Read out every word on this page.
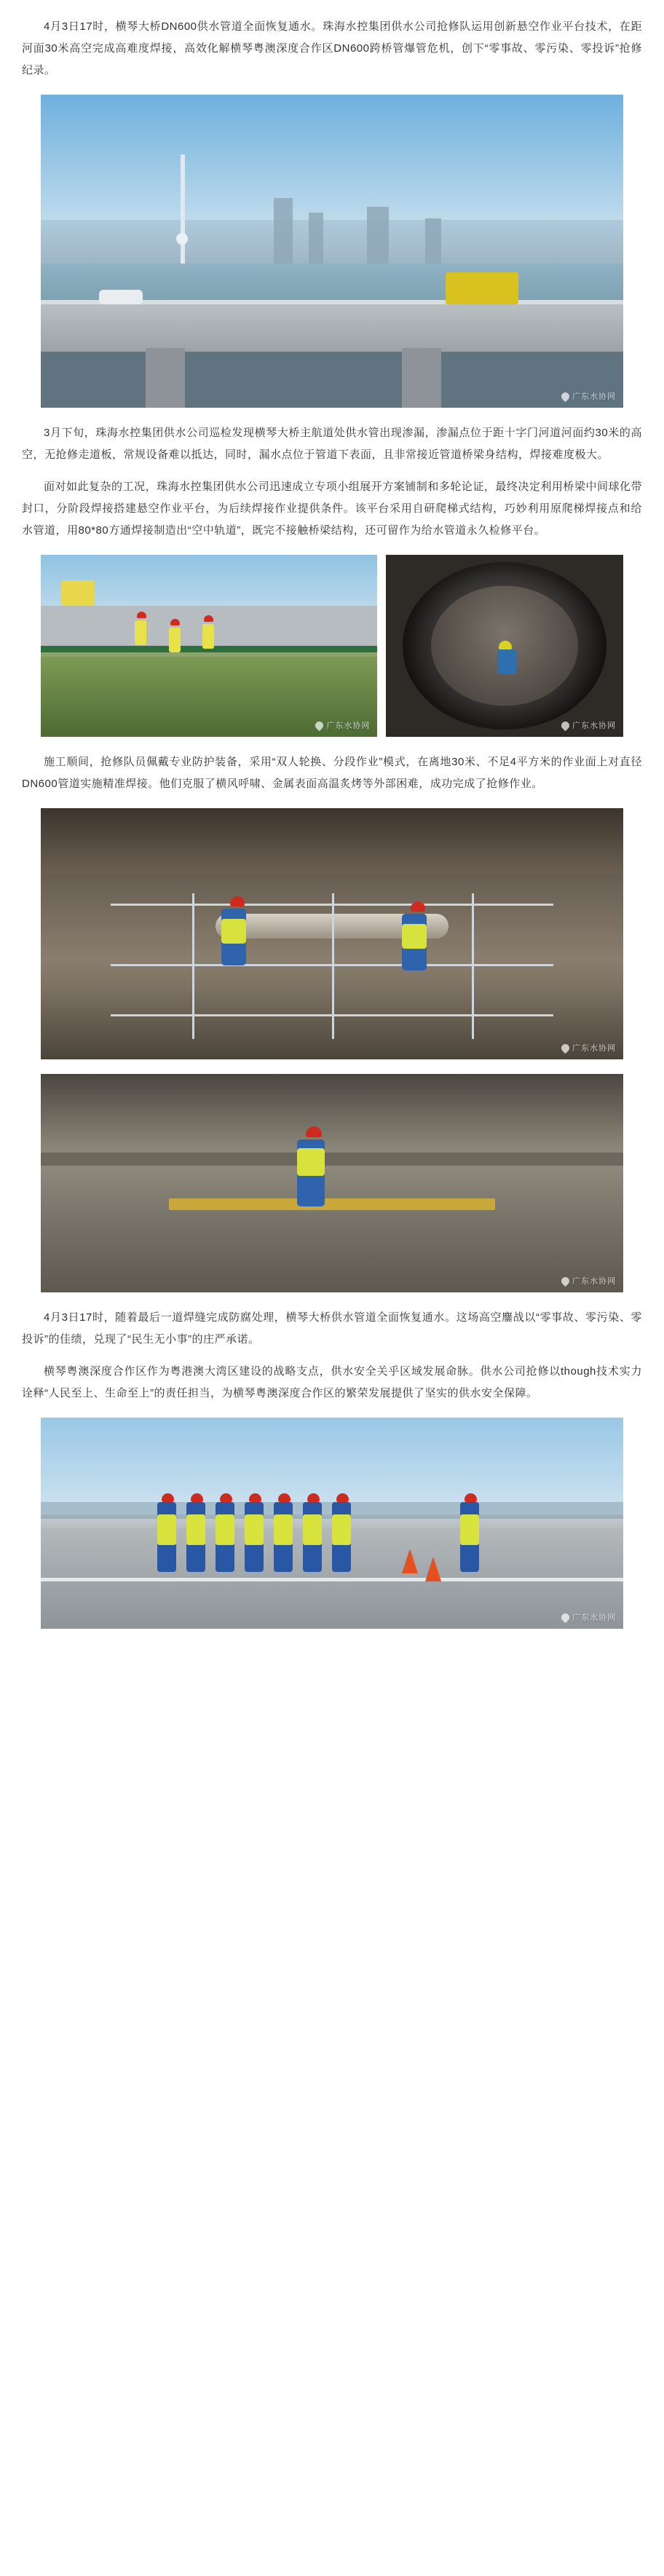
4月3日17时，横琴大桥DN600供水管道全面恢复通水。珠海水控集团供水公司抢修队运用创新悬空作业平台技术，在距河面30米高空完成高难度焊接，高效化解横琴粤澳深度合作区DN600跨桥管爆管危机，创下“零事故、零污染、零投诉”抢修纪录。

广东水协网

3月下旬，珠海水控集团供水公司巡检发现横琴大桥主航道处供水管出现渗漏，渗漏点位于距十字门河道河面约30米的高空，无抢修走道板，常规设备难以抵达，同时，漏水点位于管道下表面，且非常接近管道桥梁身结构，焊接难度极大。

面对如此复杂的工况，珠海水控集团供水公司迅速成立专项小组展开方案铺制和多轮论证，最终决定利用桥梁中间球化带封口，分阶段焊接搭建悬空作业平台，为后续焊接作业提供条件。该平台采用自研爬梯式结构，巧妙利用原爬梯焊接点和给水管道，用80*80方通焊接制造出“空中轨道”，既完不接触桥梁结构，还可留作为给水管道永久检修平台。

广东水协网	广东水协网

施工顺间，抢修队员佩戴专业防护装备，采用“双人轮换、分段作业”模式，在离地30米、不足4平方米的作业面上对直径DN600管道实施精准焊接。他们克服了横风呼啸、金属表面高温炙烤等外部困难，成功完成了抢修作业。

广东水协网
广东水协网

4月3日17时，随着最后一道焊缝完成防腐处理，横琴大桥供水管道全面恢复通水。这场高空鏖战以“零事故、零污染、零投诉”的佳绩，兑现了“民生无小事”的庄严承诺。

横琴粤澳深度合作区作为粤港澳大湾区建设的战略支点，供水安全关乎区域发展命脉。供水公司抢修以though技术实力诠释“人民至上、生命至上”的责任担当，为横琴粤澳深度合作区的繁荣发展提供了坚实的供水安全保障。

广东水协网
